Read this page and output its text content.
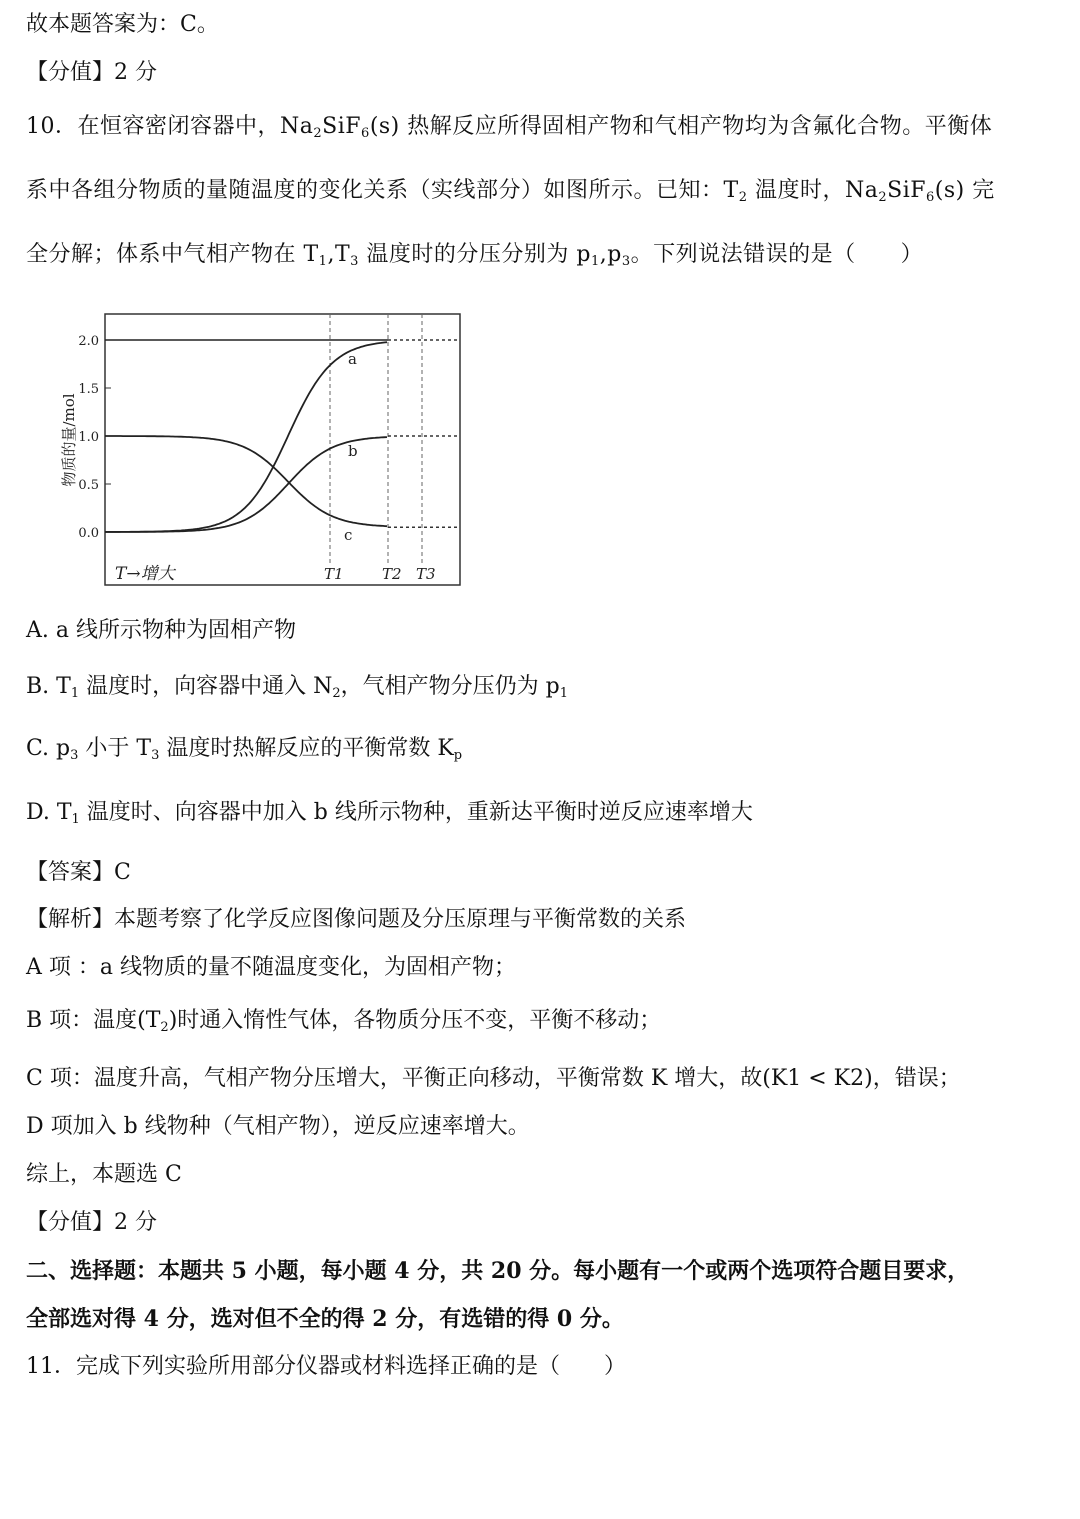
故本题答案为：C。
【分值】2 分
10．在恒容密闭容器中，$Na_2SiF_6(s)$ 热解反应所得固相产物和气相产物均为含氟化合物。平衡体
系中各组分物质的量随温度的变化关系（实线部分）如图所示。已知：$T_2$ 温度时，$Na_2SiF_6(s)$ 完
全分解；体系中气相产物在 $T_1,T_3$ 温度时的分压分别为 $p_1,p_3$。下列说法错误的是（　　）
2.0
1.5
1.0
0.5
0.0
物质的量/mol
T→增大	T1	T2 T3
a
b
c
A. a 线所示物种为固相产物
B. $T_1$ 温度时，向容器中通入 $N_2$，气相产物分压仍为 $p_1$
C. $p_3$ 小于 $T_3$ 温度时热解反应的平衡常数 $K_p$
D. $T_1$ 温度时、向容器中加入 b 线所示物种，重新达平衡时逆反应速率增大
【答案】C
【解析】本题考察了化学反应图像问题及分压原理与平衡常数的关系
A 项 ：a 线物质的量不随温度变化，为固相产物；
B 项：温度$(T_2)$时通入惰性气体，各物质分压不变，平衡不移动；
C 项：温度升高，气相产物分压增大，平衡正向移动，平衡常数 K 增大，故(K1 < K2)，错误；
D 项加入 b 线物种（气相产物），逆反应速率增大。
综上，本题选 C
【分值】2 分
二、选择题：本题共 5 小题，每小题 4 分，共 20 分。每小题有一个或两个选项符合题目要求，
全部选对得 4 分，选对但不全的得 2 分，有选错的得 0 分。
11．完成下列实验所用部分仪器或材料选择正确的是（　　）
